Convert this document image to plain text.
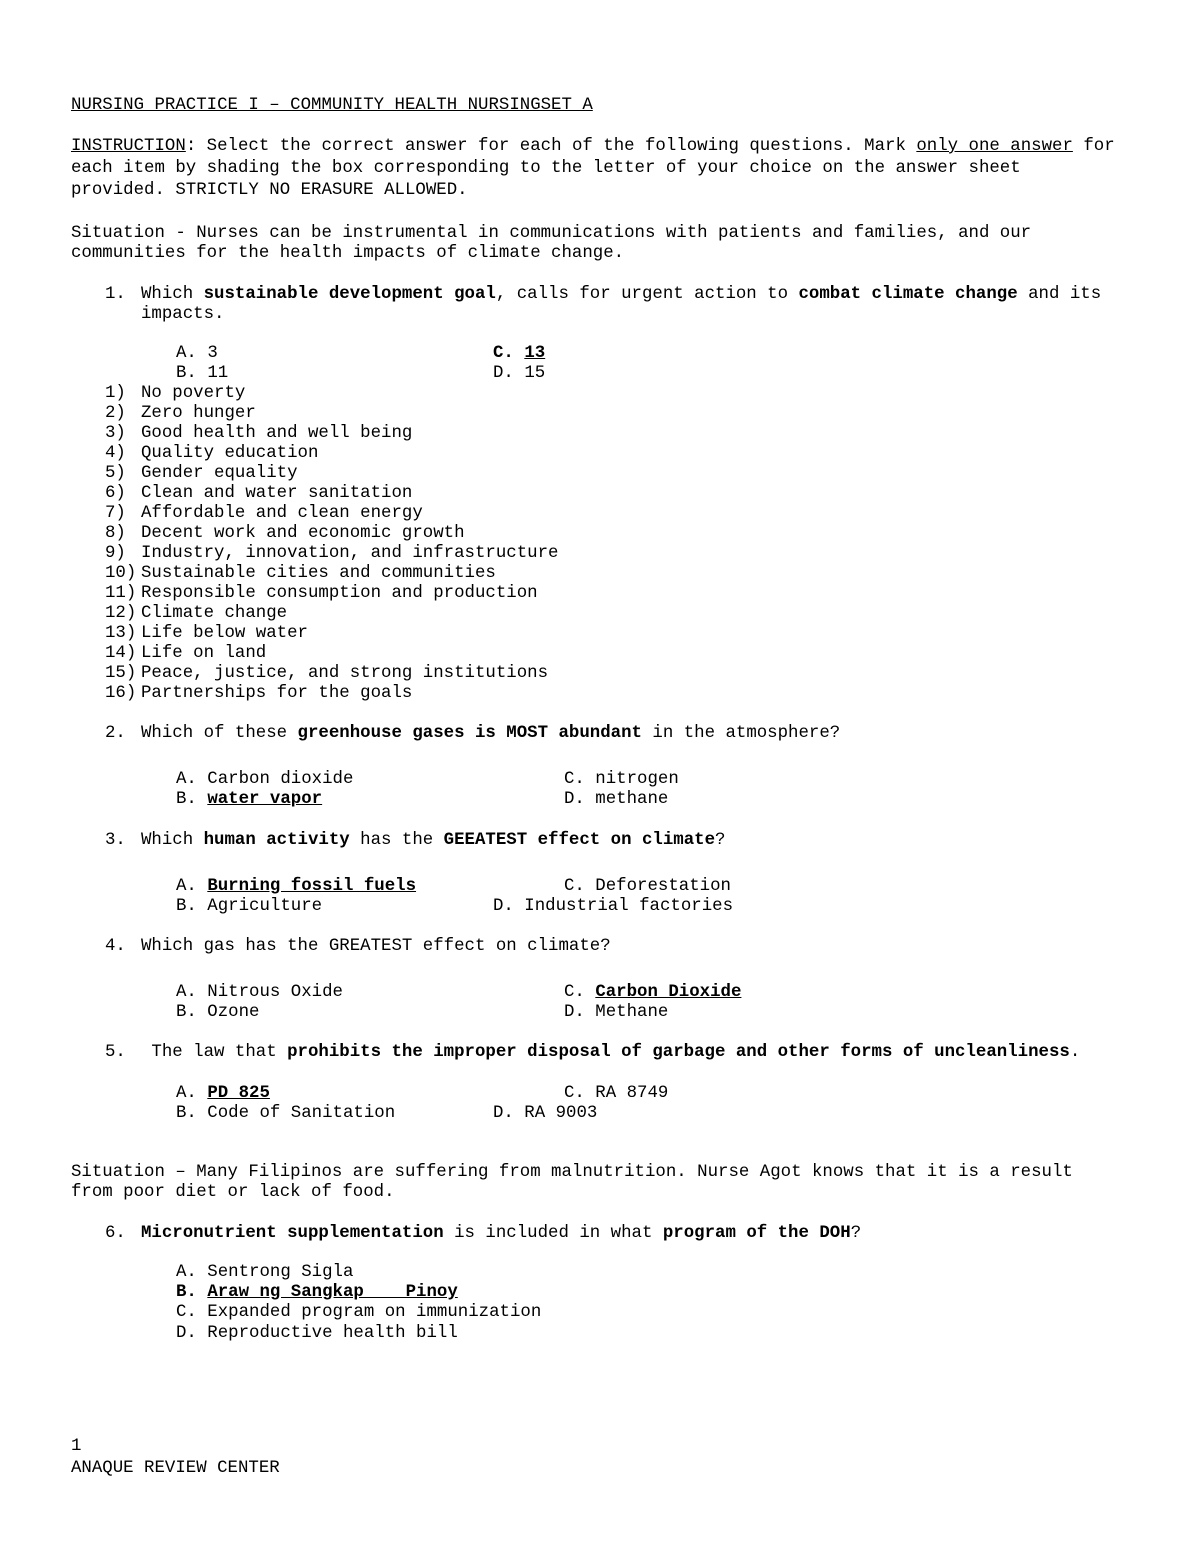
NURSING PRACTICE I – COMMUNITY HEALTH NURSINGSET A
INSTRUCTION: Select the correct answer for each of the following questions. Mark only one answer for
each item by shading the box corresponding to the letter of your choice on the answer sheet
provided. STRICTLY NO ERASURE ALLOWED.
Situation - Nurses can be instrumental in communications with patients and families, and our
communities for the health impacts of climate change.
1. Which sustainable development goal, calls for urgent action to combat climate change and its
impacts.
A. 3
B. 11
C. 13
D. 15
1) No poverty
2) Zero hunger
3) Good health and well being
4) Quality education
5) Gender equality
6) Clean and water sanitation
7) Affordable and clean energy
8) Decent work and economic growth
9) Industry, innovation, and infrastructure
10) Sustainable cities and communities
11) Responsible consumption and production
12) Climate change
13) Life below water
14) Life on land
15) Peace, justice, and strong institutions
16) Partnerships for the goals
2. Which of these greenhouse gases is MOST abundant in the atmosphere?
A. Carbon dioxide
B. water vapor
C. nitrogen
D. methane
3. Which human activity has the GEEATEST effect on climate?
A. Burning fossil fuels
B. Agriculture
C. Deforestation
D. Industrial factories
4. Which gas has the GREATEST effect on climate?
A. Nitrous Oxide
B. Ozone
C. Carbon Dioxide
D. Methane
5. The law that prohibits the improper disposal of garbage and other forms of uncleanliness.
A. PD 825
B. Code of Sanitation
C. RA 8749
D. RA 9003
Situation – Many Filipinos are suffering from malnutrition. Nurse Agot knows that it is a result
from poor diet or lack of food.
6. Micronutrient supplementation is included in what program of the DOH?
A. Sentrong Sigla
B. Araw ng Sangkap    Pinoy
C. Expanded program on immunization
D. Reproductive health bill
1
ANAQUE REVIEW CENTER
